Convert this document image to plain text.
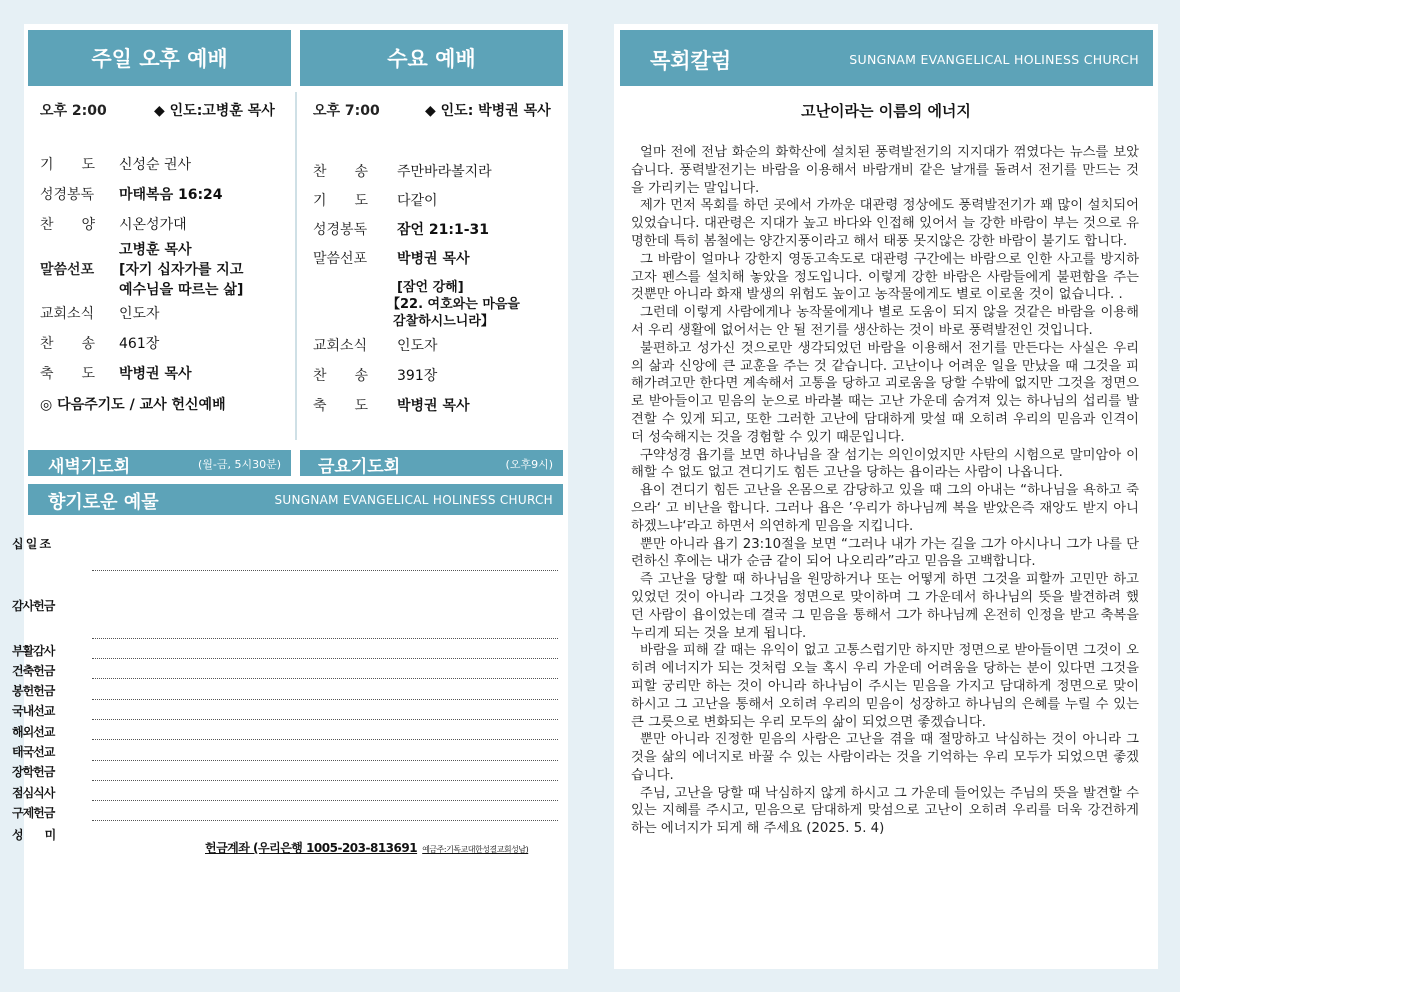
주일 오후 예배	수요 예배
오후 2:00	◆ 인도:고병훈 목사
기　　도 신성순 권사
성경봉독 마태복음 16:24
찬　　양 시온성가대
말씀선포
고병훈 목사
[자기 십자가를 지고
예수님을 따르는 삶]
교회소식 인도자
찬　　송 461장
축　　도 박병권 목사
◎ 다음주기도 / 교사 헌신예배
오후 7:00	◆ 인도: 박병권 목사
찬　　송 주만바라볼지라
기　　도 다같이
성경봉독 잠언 21:1-31
말씀선포 박병권 목사
[잠언 강해]
【22. 여호와는 마음을
감찰하시느니라】
교회소식 인도자
찬　　송 391장
축　　도 박병권 목사
새벽기도회	(월-금, 5시30분) 금요기도회	(오후9시)
향기로운 예물	SUNGNAM EVANGELICAL HOLINESS CHURCH
십 일 조
감사헌금
부활감사
건축헌금
봉헌헌금
국내선교
해외선교
태국선교
장학헌금
점심식사
구제헌금
성　　미
헌금계좌 (우리은행 1005-203-813691 예금주:기독교대한성결교회성남)
목회칼럼	SUNGNAM EVANGELICAL HOLINESS CHURCH
고난이라는 이름의 에너지

얼마 전에 전남 화순의 화학산에 설치된 풍력발전기의 지지대가 꺾였다는 뉴스를 보았습니다. 풍력발전기는 바람을 이용해서 바람개비 같은 날개를 돌려서 전기를 만드는 것을 가리키는 말입니다.

제가 먼저 목회를 하던 곳에서 가까운 대관령 정상에도 풍력발전기가 꽤 많이 설치되어 있었습니다. 대관령은 지대가 높고 바다와 인접해 있어서 늘 강한 바람이 부는 것으로 유명한데 특히 봄철에는 양간지풍이라고 해서 태풍 못지않은 강한 바람이 불기도 합니다.

그 바람이 얼마나 강한지 영동고속도로 대관령 구간에는 바람으로 인한 사고를 방지하고자 펜스를 설치해 놓았을 정도입니다. 이렇게 강한 바람은 사람들에게 불편함을 주는 것뿐만 아니라 화재 발생의 위험도 높이고 농작물에게도 별로 이로울 것이 없습니다. .

그런데 이렇게 사람에게나 농작물에게나 별로 도움이 되지 않을 것같은 바람을 이용해서 우리 생활에 없어서는 안 될 전기를 생산하는 것이 바로 풍력발전인 것입니다.

불편하고 성가신 것으로만 생각되었던 바람을 이용해서 전기를 만든다는 사실은 우리의 삶과 신앙에 큰 교훈을 주는 것 같습니다. 고난이나 어려운 일을 만났을 때 그것을 피해가려고만 한다면 계속해서 고통을 당하고 괴로움을 당할 수밖에 없지만 그것을 정면으로 받아들이고 믿음의 눈으로 바라볼 때는 고난 가운데 숨겨져 있는 하나님의 섭리를 발견할 수 있게 되고, 또한 그러한 고난에 담대하게 맞설 때 오히려 우리의 믿음과 인격이 더 성숙해지는 것을 경험할 수 있기 때문입니다.

구약성경 욥기를 보면 하나님을 잘 섬기는 의인이었지만 사탄의 시험으로 말미암아 이해할 수 없도 없고 견디기도 힘든 고난을 당하는 욥이라는 사람이 나옵니다.

욥이 견디기 힘든 고난을 온몸으로 감당하고 있을 때 그의 아내는 “하나님을 욕하고 죽으라‘ 고 비난을 합니다. 그러나 욥은 ’우리가 하나님께 복을 받았은즉 재앙도 받지 아니하겠느냐‘라고 하면서 의연하게 믿음을 지킵니다.

뿐만 아니라 욥기 23:10절을 보면 “그러나 내가 가는 길을 그가 아시나니 그가 나를 단련하신 후에는 내가 순금 같이 되어 나오리라”라고 믿음을 고백합니다.

즉 고난을 당할 때 하나님을 원망하거나 또는 어떻게 하면 그것을 피할까 고민만 하고 있었던 것이 아니라 그것을 정면으로 맞이하며 그 가운데서 하나님의 뜻을 발견하려 했던 사람이 욥이었는데 결국 그 믿음을 통해서 그가 하나님께 온전히 인정을 받고 축복을 누리게 되는 것을 보게 됩니다.

바람을 피해 갈 때는 유익이 없고 고통스럽기만 하지만 정면으로 받아들이면 그것이 오히려 에너지가 되는 것처럼 오늘 혹시 우리 가운데 어려움을 당하는 분이 있다면 그것을 피할 궁리만 하는 것이 아니라 하나님이 주시는 믿음을 가지고 담대하게 정면으로 맞이하시고 그 고난을 통해서 오히려 우리의 믿음이 성장하고 하나님의 은혜를 누릴 수 있는 큰 그릇으로 변화되는 우리 모두의 삶이 되었으면 좋겠습니다.

뿐만 아니라 진정한 믿음의 사람은 고난을 겪을 때 절망하고 낙심하는 것이 아니라 그것을 삶의 에너지로 바꿀 수 있는 사람이라는 것을 기억하는 우리 모두가 되었으면 좋겠습니다.

주님, 고난을 당할 때 낙심하지 않게 하시고 그 가운데 들어있는 주님의 뜻을 발견할 수 있는 지혜를 주시고, 믿음으로 담대하게 맞섬으로 고난이 오히려 우리를 더욱 강건하게 하는 에너지가 되게 해 주세요 (2025. 5. 4)
